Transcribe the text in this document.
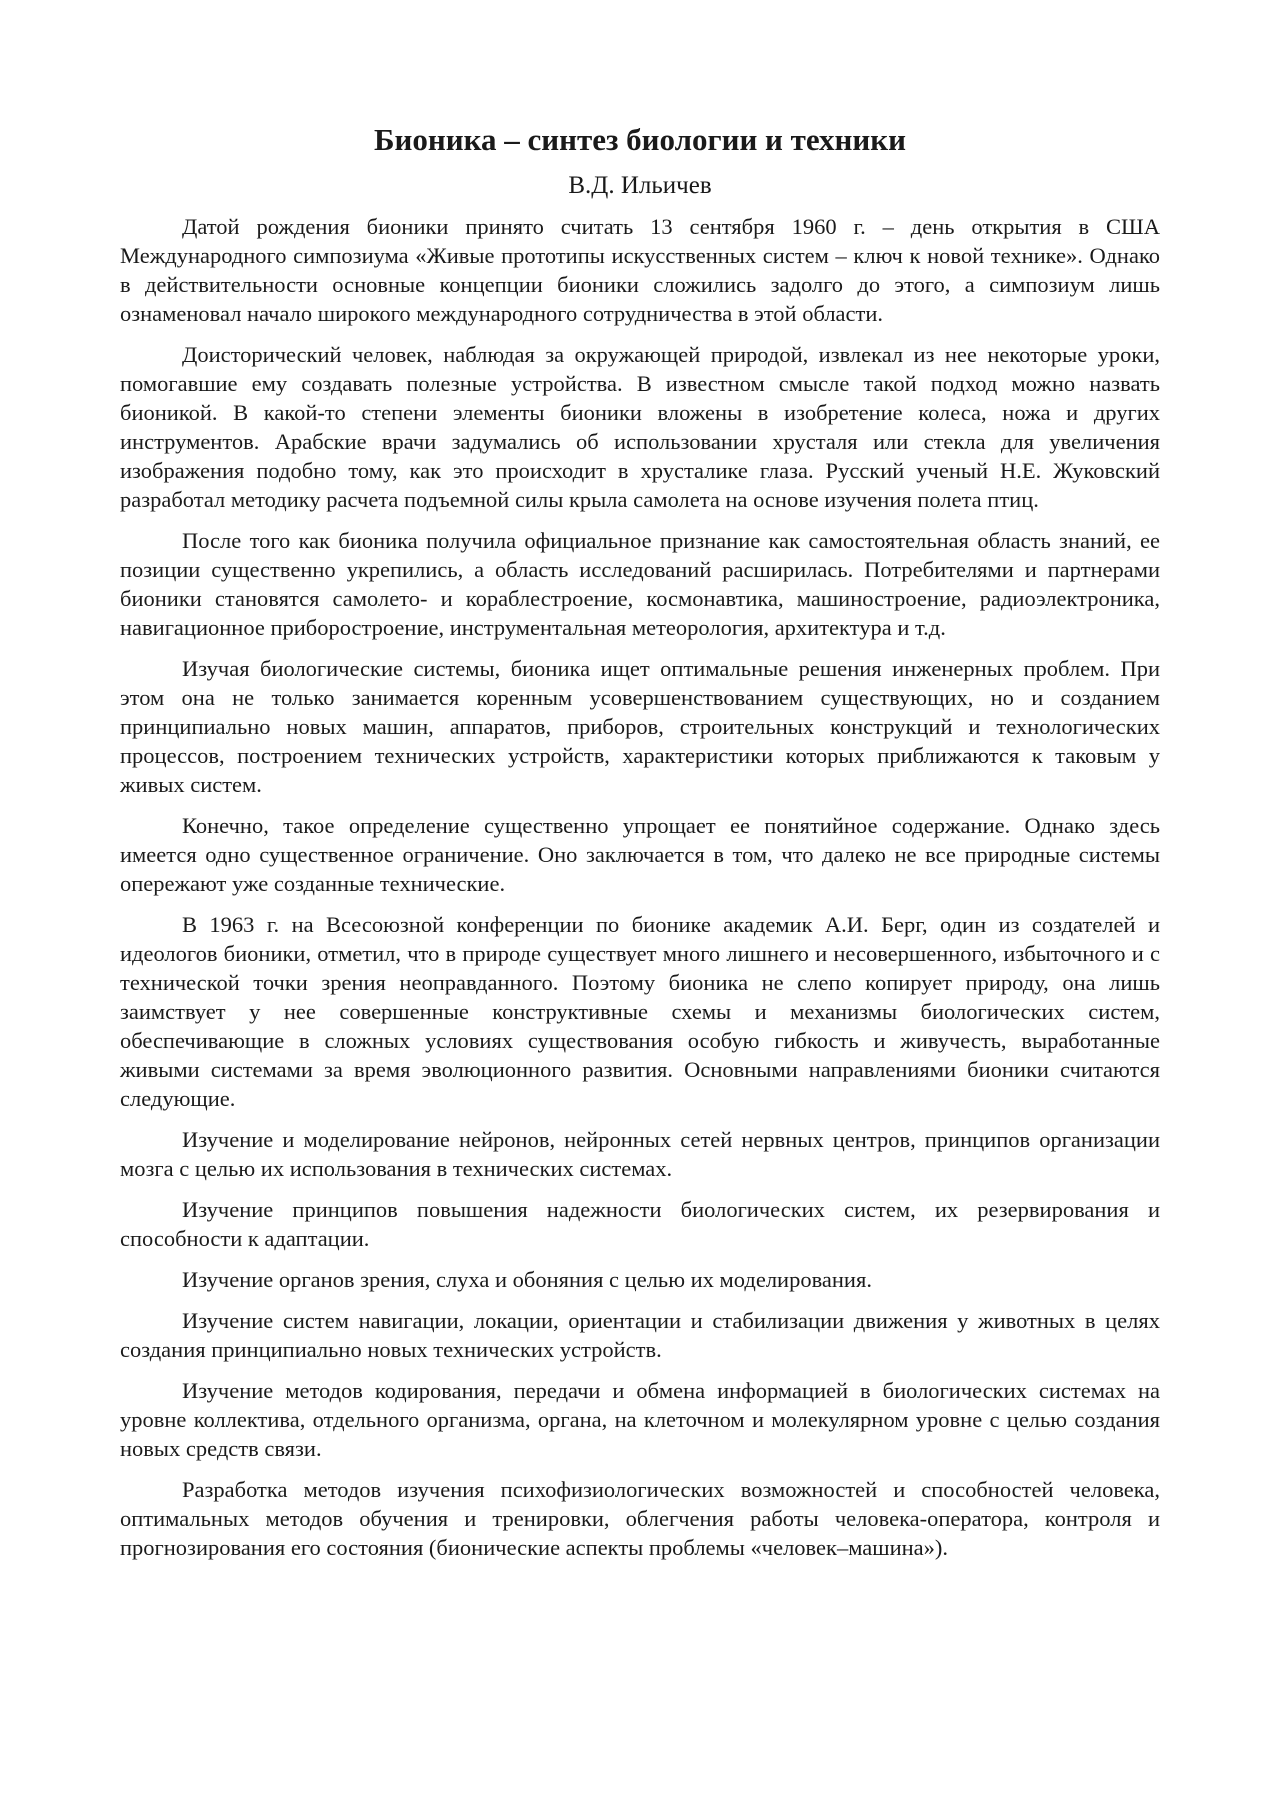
Бионика – синтез биологии и техники
В.Д. Ильичев

Датой рождения бионики принято считать 13 сентября 1960 г. – день открытия в США Международного симпозиума «Живые прототипы искусственных систем – ключ к новой технике». Однако в действительности основные концепции бионики сложились задолго до этого, а симпозиум лишь ознаменовал начало широкого международного сотрудничества в этой области.

Доисторический человек, наблюдая за окружающей природой, извлекал из нее некоторые уроки, помогавшие ему создавать полезные устройства. В известном смысле такой подход можно назвать бионикой. В какой-то степени элементы бионики вложены в изобретение колеса, ножа и других инструментов. Арабские врачи задумались об использовании хрусталя или стекла для увеличения изображения подобно тому, как это происходит в хрусталике глаза. Русский ученый Н.Е. Жуковский разработал методику расчета подъемной силы крыла самолета на основе изучения полета птиц.

После того как бионика получила официальное признание как самостоятельная область знаний, ее позиции существенно укрепились, а область исследований расширилась. Потребителями и партнерами бионики становятся самолето- и кораблестроение, космонавтика, машиностроение, радиоэлектроника, навигационное приборостроение, инструментальная метеорология, архитектура и т.д.

Изучая биологические системы, бионика ищет оптимальные решения инженерных проблем. При этом она не только занимается коренным усовершенствованием существующих, но и созданием принципиально новых машин, аппаратов, приборов, строительных конструкций и технологических процессов, построением технических устройств, характеристики которых приближаются к таковым у живых систем.

Конечно, такое определение существенно упрощает ее понятийное содержание. Однако здесь имеется одно существенное ограничение. Оно заключается в том, что далеко не все природные системы опережают уже созданные технические.

В 1963 г. на Всесоюзной конференции по бионике академик А.И. Берг, один из создателей и идеологов бионики, отметил, что в природе существует много лишнего и несовершенного, избыточного и с технической точки зрения неоправданного. Поэтому бионика не слепо копирует природу, она лишь заимствует у нее совершенные конструктивные схемы и механизмы биологических систем, обеспечивающие в сложных условиях существования особую гибкость и живучесть, выработанные живыми системами за время эволюционного развития. Основными направлениями бионики считаются следующие.

Изучение и моделирование нейронов, нейронных сетей нервных центров, принципов организации мозга с целью их использования в технических системах.

Изучение принципов повышения надежности биологических систем, их резервирования и способности к адаптации.

Изучение органов зрения, слуха и обоняния с целью их моделирования.

Изучение систем навигации, локации, ориентации и стабилизации движения у животных в целях создания принципиально новых технических устройств.

Изучение методов кодирования, передачи и обмена информацией в биологических системах на уровне коллектива, отдельного организма, органа, на клеточном и молекулярном уровне с целью создания новых средств связи.

Разработка методов изучения психофизиологических возможностей и способностей человека, оптимальных методов обучения и тренировки, облегчения работы человека-оператора, контроля и прогнозирования его состояния (бионические аспекты проблемы «человек–машина»).
